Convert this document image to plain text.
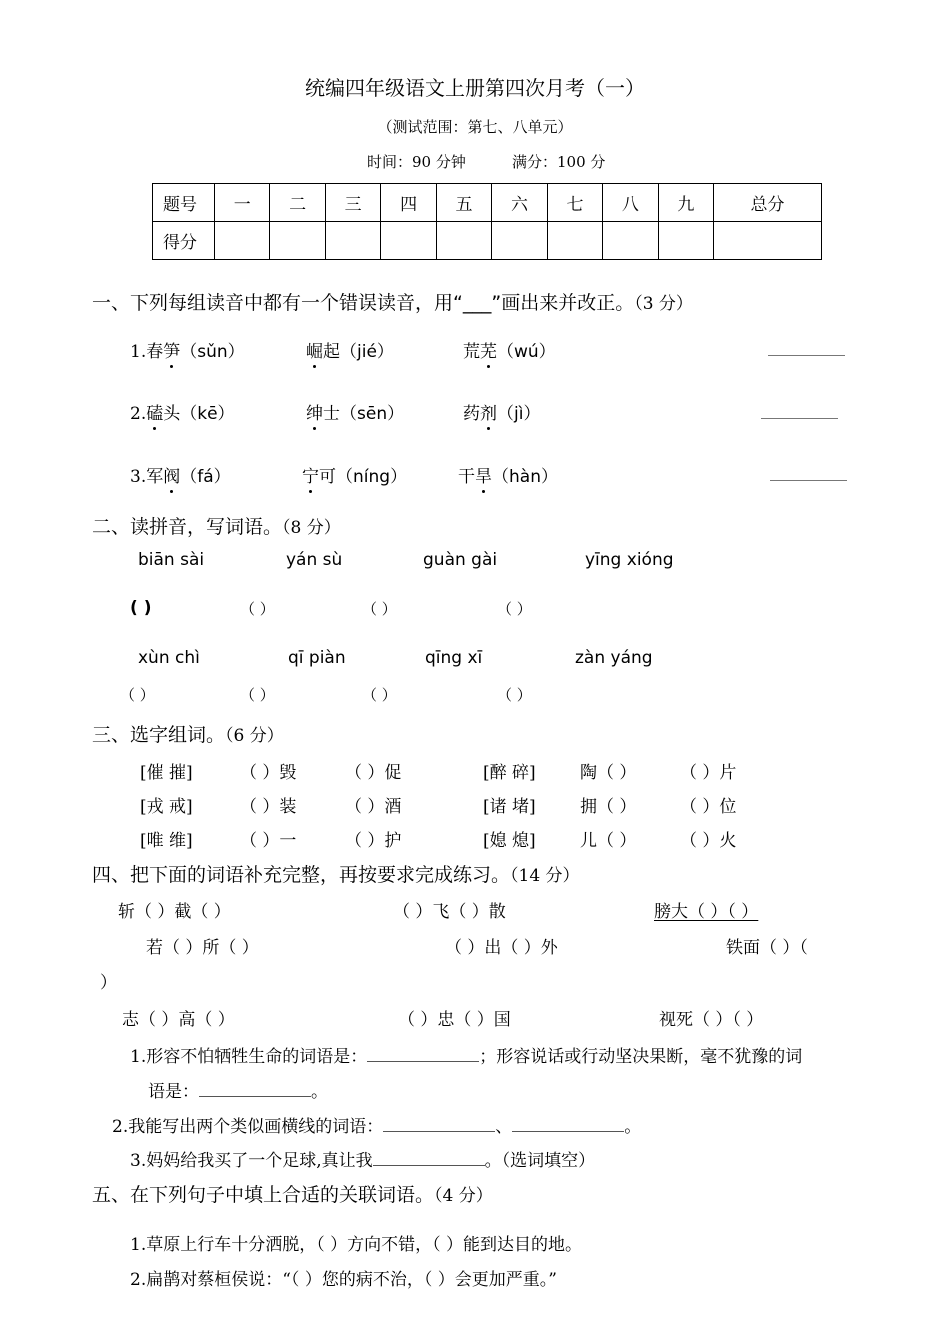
统编四年级语文上册第四次月考（一）
（测试范围：第七、八单元）
时间：90 分钟	满分：100 分
题号	一	二	三	四	五	六	七	八	九	总分
得分										
一、下列每组读音中都有一个错误读音，用“___”画出来并改正。（3 分）
1.春笋（sǔn）	崛起（jié）	荒芜（wú）
2.磕头（kē）	绅士（sēn）	药剂（jì）
3.军阀（fá）	宁可（níng）	干旱（hàn）
二、读拼音，写词语。（8 分）
biān sài	yán sù	guàn gài	yīng xióng
( )	（ ）	（ ）	（ ）
xùn chì	qī piàn	qīng xī	zàn yáng
（ ）	（ ）	（ ）	（ ）
三、选字组词。（6 分）
[催 摧]	（ ）毁	（ ）促	[醉 碎]	陶（ ）	（ ）片
[戎 戒]	（ ）装	（ ）酒	[诸 堵]	拥（ ）	（ ）位
[唯 维]	（ ）一	（ ）护	[媳 熄]	儿（ ）	（ ）火
四、把下面的词语补充完整，再按要求完成练习。（14 分）
斩（ ）截（ ）	（ ）飞（ ）散	膀大（ ）（ ）
若（ ）所（ ）	（ ）出（ ）外	铁面（ ）（
）
志（ ）高（ ）	（ ）忠（ ）国	视死（ ）（ ）
1.形容不怕牺牲生命的词语是：	；形容说话或行动坚决果断，毫不犹豫的词
语是：	。
2.我能写出两个类似画横线的词语：	、	。
3.妈妈给我买了一个足球,真让我	。（选词填空）
五、在下列句子中填上合适的关联词语。（4 分）
1.草原上行车十分洒脱，（ ）方向不错，（ ）能到达目的地。
2.扁鹊对蔡桓侯说：“（ ）您的病不治，（ ）会更加严重。”
